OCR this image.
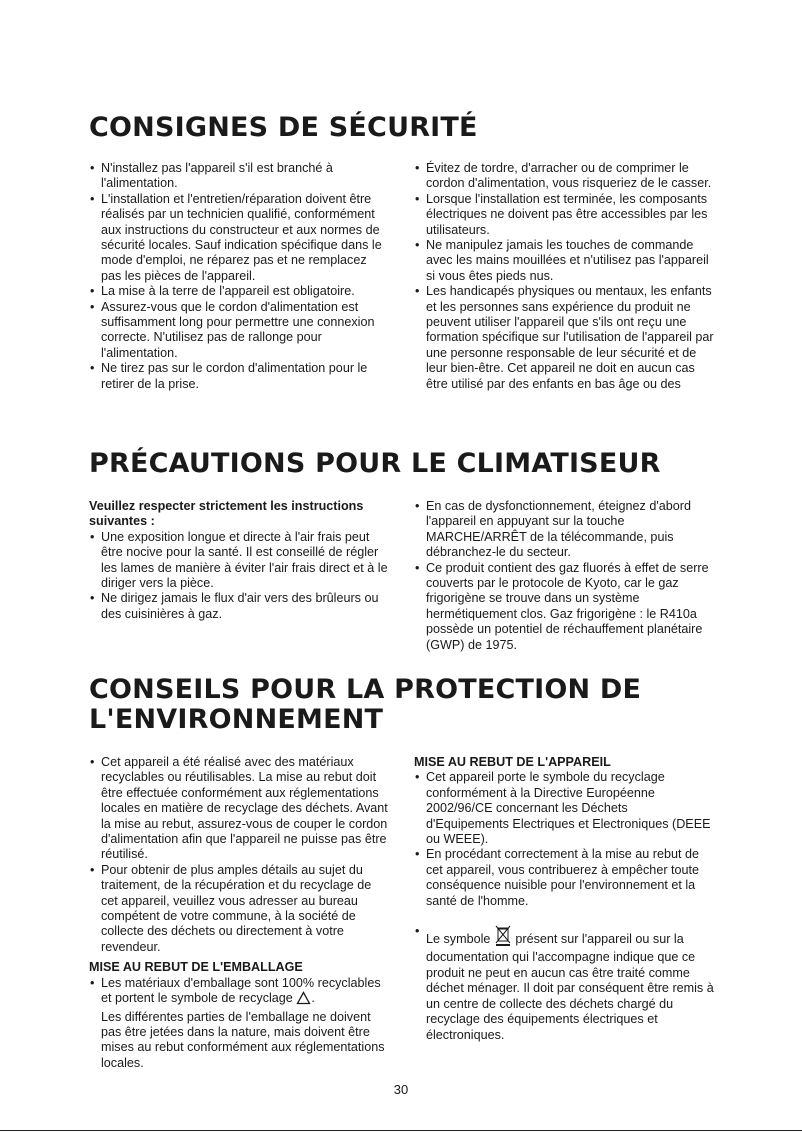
CONSIGNES DE SÉCURITÉ
• N'installez pas l'appareil s'il est branché à l'alimentation.
• L'installation et l'entretien/réparation doivent être réalisés par un technicien qualifié, conformément aux instructions du constructeur et aux normes de sécurité locales. Sauf indication spécifique dans le mode d'emploi, ne réparez pas et ne remplacez pas les pièces de l'appareil.
• La mise à la terre de l'appareil est obligatoire.
• Assurez-vous que le cordon d'alimentation est suffisamment long pour permettre une connexion correcte. N'utilisez pas de rallonge pour l'alimentation.
• Ne tirez pas sur le cordon d'alimentation pour le retirer de la prise.
• Évitez de tordre, d'arracher ou de comprimer le cordon d'alimentation, vous risqueriez de le casser.
• Lorsque l'installation est terminée, les composants électriques ne doivent pas être accessibles par les utilisateurs.
• Ne manipulez jamais les touches de commande avec les mains mouillées et n'utilisez pas l'appareil si vous êtes pieds nus.
• Les handicapés physiques ou mentaux, les enfants et les personnes sans expérience du produit ne peuvent utiliser l'appareil que s'ils ont reçu une formation spécifique sur l'utilisation de l'appareil par une personne responsable de leur sécurité et de leur bien-être. Cet appareil ne doit en aucun cas être utilisé par des enfants en bas âge ou des
PRÉCAUTIONS POUR LE CLIMATISEUR

Veuillez respecter strictement les instructions suivantes :

• Une exposition longue et directe à l'air frais peut être nocive pour la santé. Il est conseillé de régler les lames de manière à éviter l'air frais direct et à le diriger vers la pièce.
• Ne dirigez jamais le flux d'air vers des brûleurs ou des cuisinières à gaz.
• En cas de dysfonctionnement, éteignez d'abord l'appareil en appuyant sur la touche MARCHE/ARRÊT de la télécommande, puis débranchez-le du secteur.
• Ce produit contient des gaz fluorés à effet de serre couverts par le protocole de Kyoto, car le gaz frigorigène se trouve dans un système hermétiquement clos. Gaz frigorigène : le R410a possède un potentiel de réchauffement planétaire (GWP) de 1975.
CONSEILS POUR LA PROTECTION DE
L'ENVIRONNEMENT
• Cet appareil a été réalisé avec des matériaux recyclables ou réutilisables. La mise au rebut doit être effectuée conformément aux réglementations locales en matière de recyclage des déchets. Avant la mise au rebut, assurez-vous de couper le cordon d'alimentation afin que l'appareil ne puisse pas être réutilisé.
• Pour obtenir de plus amples détails au sujet du traitement, de la récupération et du recyclage de cet appareil, veuillez vous adresser au bureau compétent de votre commune, à la société de collecte des déchets ou directement à votre revendeur.

MISE AU REBUT DE L'EMBALLAGE

• Les matériaux d'emballage sont 100% recyclables et portent le symbole de recyclage .
Les différentes parties de l'emballage ne doivent pas être jetées dans la nature, mais doivent être mises au rebut conformément aux réglementations locales.

MISE AU REBUT DE L'APPAREIL

• Cet appareil porte le symbole du recyclage conformément à la Directive Européenne 2002/96/CE concernant les Déchets d'Equipements Electriques et Electroniques (DEEE ou WEEE).
• En procédant correctement à la mise au rebut de cet appareil, vous contribuerez à empêcher toute conséquence nuisible pour l'environnement et la santé de l'homme.
• Le symbole présent sur l'appareil ou sur la documentation qui l'accompagne indique que ce produit ne peut en aucun cas être traité comme déchet ménager. Il doit par conséquent être remis à un centre de collecte des déchets chargé du recyclage des équipements électriques et électroniques.
30
